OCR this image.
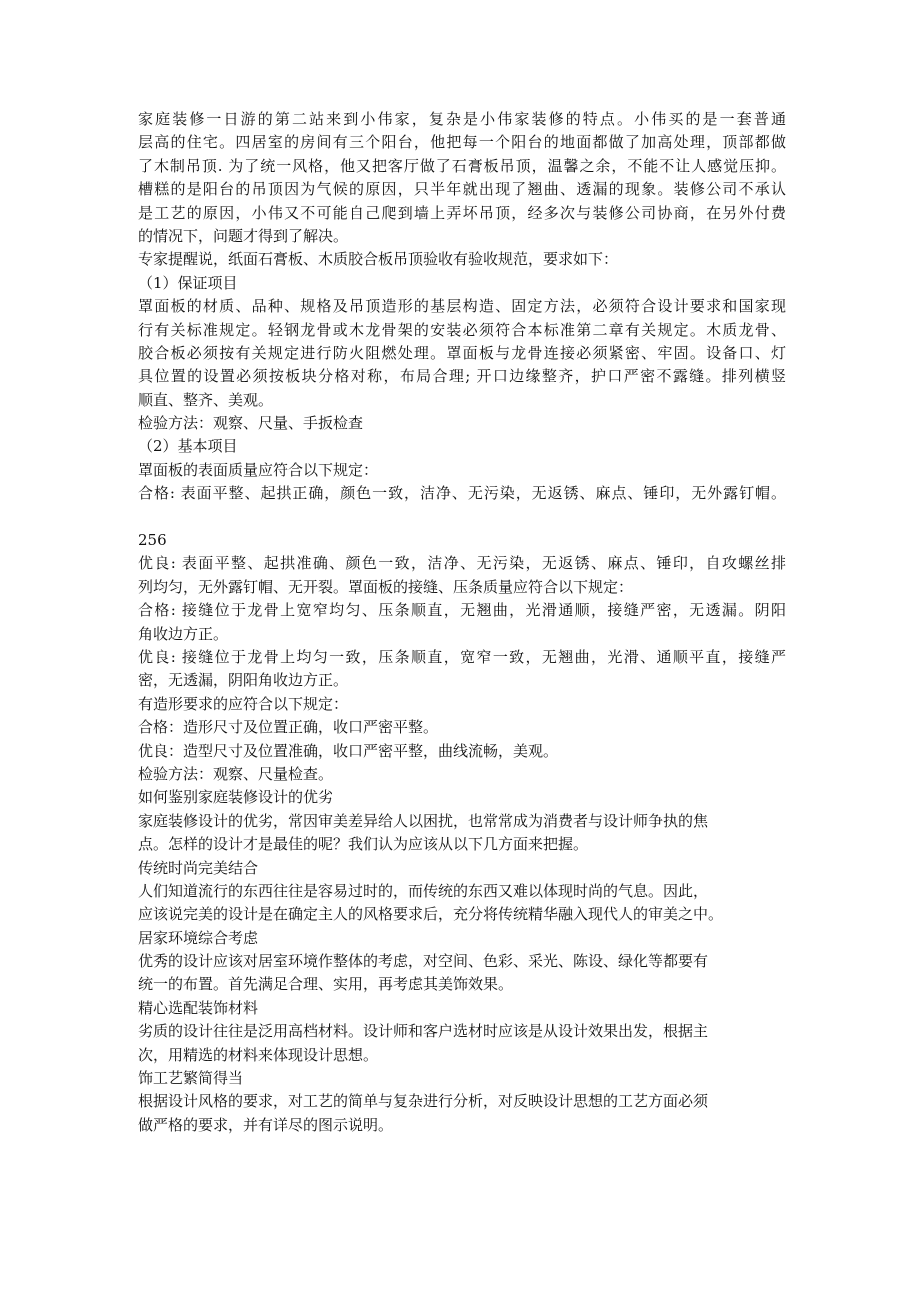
家庭装修一日游的第二站来到小伟家，复杂是小伟家装修的特点。小伟买的是一套普通
层高的住宅。四居室的房间有三个阳台，他把每一个阳台的地面都做了加高处理，顶部都做
了木制吊顶. 为了统一风格，他又把客厅做了石膏板吊顶，温馨之余，不能不让人感觉压抑。
槽糕的是阳台的吊顶因为气候的原因，只半年就出现了翘曲、透漏的现象。装修公司不承认
是工艺的原因，小伟又不可能自己爬到墙上弄坏吊顶，经多次与装修公司协商，在另外付费
的情况下，问题才得到了解决。
专家提醒说，纸面石膏板、木质胶合板吊顶验收有验收规范，要求如下：
（1）保证项目
罩面板的材质、品种、规格及吊顶造形的基层构造、固定方法，必须符合设计要求和国家现
行有关标准规定。轻钢龙骨或木龙骨架的安装必须符合本标准第二章有关规定。木质龙骨、
胶合板必须按有关规定进行防火阻燃处理。罩面板与龙骨连接必须紧密、牢固。设备口、灯
具位置的设置必须按板块分格对称，布局合理; 开口边缘整齐，护口严密不露缝。排列横竖
顺直、整齐、美观。
检验方法：观察、尺量、手扳检查
（2）基本项目
罩面板的表面质量应符合以下规定：
合格: 表面平整、起拱正确，颜色一致，洁净、无污染，无返锈、麻点、锤印，无外露钉帽。
256
优良: 表面平整、起拱准确、颜色一致，洁净、无污染，无返锈、麻点、锤印，自攻螺丝排
列均匀，无外露钉帽、无开裂。罩面板的接缝、压条质量应符合以下规定：
合格: 接缝位于龙骨上宽窄均匀、压条顺直，无翘曲，光滑通顺，接缝严密，无透漏。阴阳
角收边方正。
优良: 接缝位于龙骨上均匀一致，压条顺直，宽窄一致，无翘曲，光滑、通顺平直，接缝严
密，无透漏，阴阳角收边方正。
有造形要求的应符合以下规定：
合格：造形尺寸及位置正确，收口严密平整。
优良：造型尺寸及位置准确，收口严密平整，曲线流畅，美观。
检验方法：观察、尺量检查。
如何鉴别家庭装修设计的优劣
家庭装修设计的优劣，常因审美差异给人以困扰，也常常成为消费者与设计师争执的焦
点。怎样的设计才是最佳的呢？我们认为应该从以下几方面来把握。
传统时尚完美结合
人们知道流行的东西往往是容易过时的，而传统的东西又难以体现时尚的气息。因此，
应该说完美的设计是在确定主人的风格要求后，充分将传统精华融入现代人的审美之中。
居家环境综合考虑
优秀的设计应该对居室环境作整体的考虑，对空间、色彩、采光、陈设、绿化等都要有
统一的布置。首先满足合理、实用，再考虑其美饰效果。
精心选配装饰材料
劣质的设计往往是泛用高档材料。设计师和客户选材时应该是从设计效果出发，根据主
次，用精选的材料来体现设计思想。
饰工艺繁简得当
根据设计风格的要求，对工艺的简单与复杂进行分析，对反映设计思想的工艺方面必须
做严格的要求，并有详尽的图示说明。
